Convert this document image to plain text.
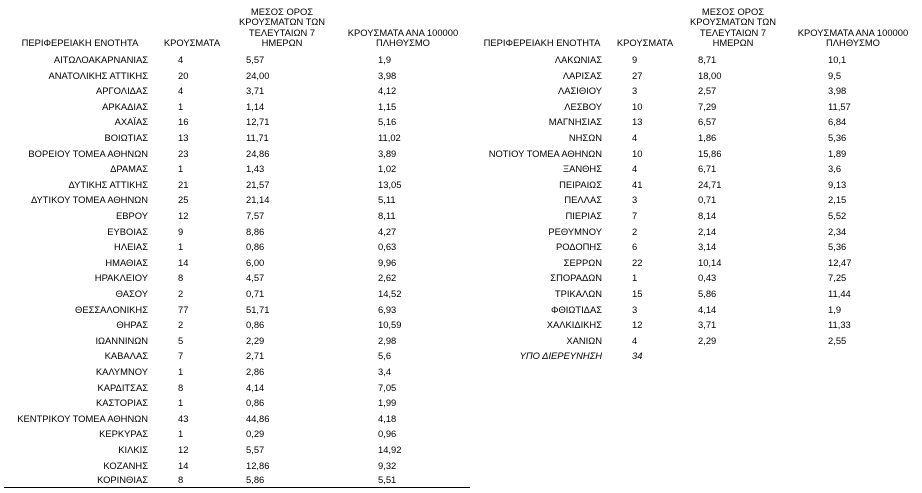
ΠΕΡΙΦΕΡΕΙΑΚΗ ΕΝΟΤΗΤΑ	ΚΡΟΥΣΜΑΤΑ	ΜΕΣΟΣ ΟΡΟΣ ΚΡΟΥΣΜΑΤΩΝ ΤΩΝ ΤΕΛΕΥΤΑΙΩΝ 7 ΗΜΕΡΩΝ	ΚΡΟΥΣΜΑΤΑ ΑΝΑ 100000 ΠΛΗΘΥΣΜΟ
ΑΙΤΩΛΟΑΚΑΡΝΑΝΙΑΣ	4	5,57	1,9
ΑΝΑΤΟΛΙΚΗΣ ΑΤΤΙΚΗΣ	20	24,00	3,98
ΑΡΓΟΛΙΔΑΣ	4	3,71	4,12
ΑΡΚΑΔΙΑΣ	1	1,14	1,15
ΑΧΑΪΑΣ	16	12,71	5,16
ΒΟΙΩΤΙΑΣ	13	11,71	11,02
ΒΟΡΕΙΟΥ ΤΟΜΕΑ ΑΘΗΝΩΝ	23	24,86	3,89
ΔΡΑΜΑΣ	1	1,43	1,02
ΔΥΤΙΚΗΣ ΑΤΤΙΚΗΣ	21	21,57	13,05
ΔΥΤΙΚΟΥ ΤΟΜΕΑ ΑΘΗΝΩΝ	25	21,14	5,11
ΕΒΡΟΥ	12	7,57	8,11
ΕΥΒΟΙΑΣ	9	8,86	4,27
ΗΛΕΙΑΣ	1	0,86	0,63
ΗΜΑΘΙΑΣ	14	6,00	9,96
ΗΡΑΚΛΕΙΟΥ	8	4,57	2,62
ΘΑΣΟΥ	2	0,71	14,52
ΘΕΣΣΑΛΟΝΙΚΗΣ	77	51,71	6,93
ΘΗΡΑΣ	2	0,86	10,59
ΙΩΑΝΝΙΝΩΝ	5	2,29	2,98
ΚΑΒΑΛΑΣ	7	2,71	5,6
ΚΑΛΥΜΝΟΥ	1	2,86	3,4
ΚΑΡΔΙΤΣΑΣ	8	4,14	7,05
ΚΑΣΤΟΡΙΑΣ	1	0,86	1,99
ΚΕΝΤΡΙΚΟΥ ΤΟΜΕΑ ΑΘΗΝΩΝ	43	44,86	4,18
ΚΕΡΚΥΡΑΣ	1	0,29	0,96
ΚΙΛΚΙΣ	12	5,57	14,92
ΚΟΖΑΝΗΣ	14	12,86	9,32
ΚΟΡΙΝΘΙΑΣ	8	5,86	5,51
ΠΕΡΙΦΕΡΕΙΑΚΗ ΕΝΟΤΗΤΑ	ΚΡΟΥΣΜΑΤΑ	ΜΕΣΟΣ ΟΡΟΣ ΚΡΟΥΣΜΑΤΩΝ ΤΩΝ ΤΕΛΕΥΤΑΙΩΝ 7 ΗΜΕΡΩΝ	ΚΡΟΥΣΜΑΤΑ ΑΝΑ 100000 ΠΛΗΘΥΣΜΟ
ΛΑΚΩΝΙΑΣ	9	8,71	10,1
ΛΑΡΙΣΑΣ	27	18,00	9,5
ΛΑΣΙΘΙΟΥ	3	2,57	3,98
ΛΕΣΒΟΥ	10	7,29	11,57
ΜΑΓΝΗΣΙΑΣ	13	6,57	6,84
ΝΗΣΩΝ	4	1,86	5,36
ΝΟΤΙΟΥ ΤΟΜΕΑ ΑΘΗΝΩΝ	10	15,86	1,89
ΞΑΝΘΗΣ	4	6,71	3,6
ΠΕΙΡΑΙΩΣ	41	24,71	9,13
ΠΕΛΛΑΣ	3	0,71	2,15
ΠΙΕΡΙΑΣ	7	8,14	5,52
ΡΕΘΥΜΝΟΥ	2	2,14	2,34
ΡΟΔΟΠΗΣ	6	3,14	5,36
ΣΕΡΡΩΝ	22	10,14	12,47
ΣΠΟΡΑΔΩΝ	1	0,43	7,25
ΤΡΙΚΑΛΩΝ	15	5,86	11,44
ΦΘΙΩΤΙΔΑΣ	3	4,14	1,9
ΧΑΛΚΙΔΙΚΗΣ	12	3,71	11,33
ΧΑΝΙΩΝ	4	2,29	2,55
ΥΠΟ ΔΙΕΡΕΥΝΗΣΗ	34		
